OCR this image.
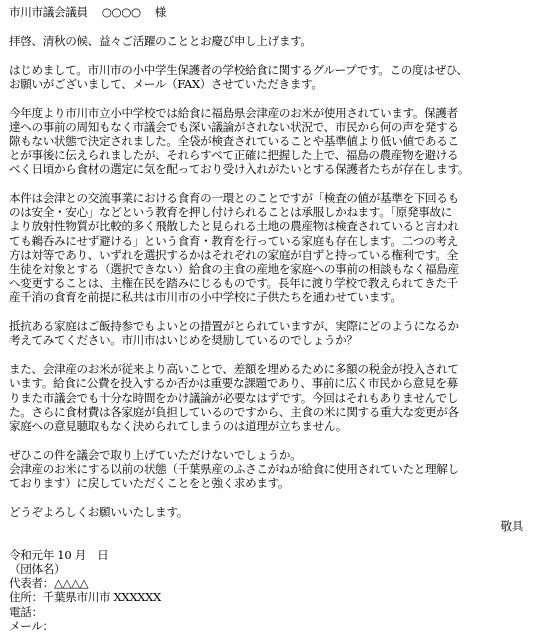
市川市議会議員 ○○○○ 様
拝啓、清秋の候、益々ご活躍のこととお慶び申し上げます。
はじめまして。市川市の小中学生保護者の学校給食に関するグループです。この度はぜひ、
お願いがございまして、メール（FAX）させていただきます。
今年度より市川市立小中学校では給食に福島県会津産のお米が使用されています。保護者
達への事前の周知もなく市議会でも深い議論がされない状況で、市民から何の声を発する
隙もない状態で決定されました。全袋が検査されていることや基準値より低い値であるこ
とが事後に伝えられましたが、それらすべて正確に把握した上で、福島の農産物を避ける
べく日頃から食材の選定に気を配っており受け入れがたいとする保護者たちが存在します。
本件は会津との交流事業における食育の一環とのことですが「検査の値が基準を下回るも
のは安全・安心」などという教育を押し付けられることは承服しかねます。「原発事故に
より放射性物質が比較的多く飛散したと見られる土地の農産物は検査されていると言われ
ても鵜呑みにせず避ける」という食育・教育を行っている家庭も存在します。二つの考え
方は対等であり、いずれを選択するかはそれぞれの家庭が自ずと持っている権利です。全
生徒を対象とする（選択できない）給食の主食の産地を家庭への事前の相談もなく福島産
へ変更することは、主権在民を踏みにじるものです。長年に渡り学校で教えられてきた千
産千消の食育を前提に私共は市川市の小中学校に子供たちを通わせています。
抵抗ある家庭はご飯持参でもよいとの措置がとられていますが、実際にどのようになるか
考えてみてください。市川市はいじめを奨励しているのでしょうか？
また、会津産のお米が従来より高いことで、差額を埋めるために多額の税金が投入されて
います。給食に公費を投入するか否かは重要な課題であり、事前に広く市民から意見を募
りまた市議会でも十分な時間をかけ議論が必要なはずです。今回はそれもありませんでし
た。さらに食材費は各家庭が負担しているのですから、主食の米に関する重大な変更が各
家庭への意見聴取もなく決められてしまうのは道理が立ちません。
ぜひこの件を議会で取り上げていただけないでしょうか。
会津産のお米にする以前の状態（千葉県産のふさこがねが給食に使用されていたと理解し
ております）に戻していただくことをと強く求めます。
どうぞよろしくお願いいたします。
敬具
令和元年 10 月　日
（団体名）
代表者：△△△△
住所：千葉県市川市 XXXXXX
電話：
メール：
